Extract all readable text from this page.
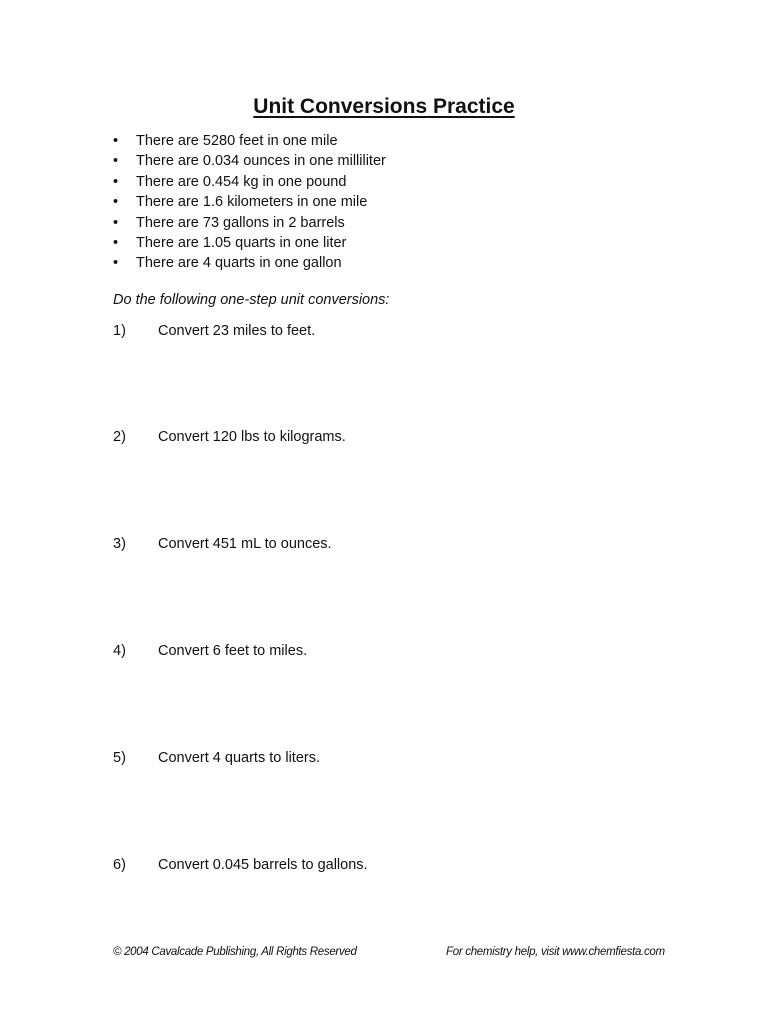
Unit Conversions Practice
• There are 5280 feet in one mile
• There are 0.034 ounces in one milliliter
• There are 0.454 kg in one pound
• There are 1.6 kilometers in one mile
• There are 73 gallons in 2 barrels
• There are 1.05 quarts in one liter
• There are 4 quarts in one gallon
Do the following one-step unit conversions:
1) Convert 23 miles to feet.
2) Convert 120 lbs to kilograms.
3) Convert 451 mL to ounces.
4) Convert 6 feet to miles.
5) Convert 4 quarts to liters.
6) Convert 0.045 barrels to gallons.
© 2004 Cavalcade Publishing, All Rights Reserved	For chemistry help, visit www.chemfiesta.com
